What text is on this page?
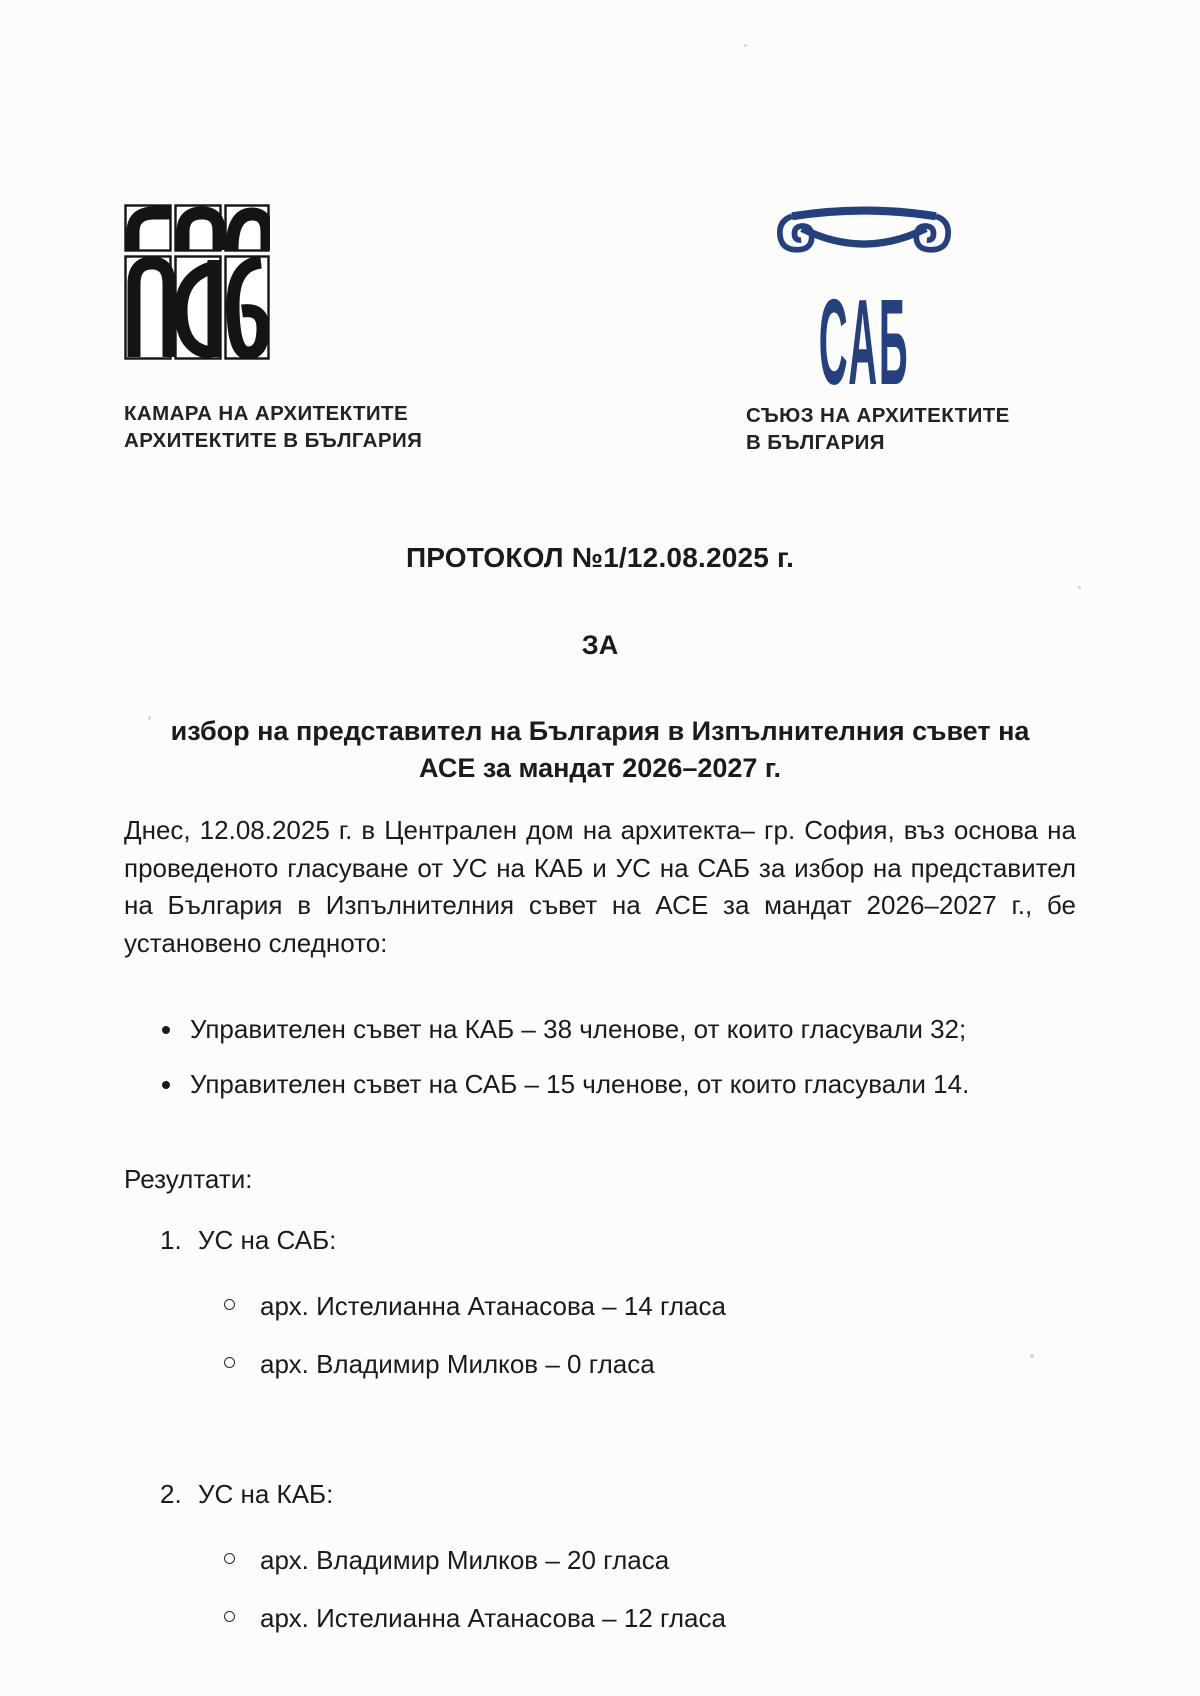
КАМАРА НА АРХИТЕКТИТЕ
АРХИТЕКТИТЕ В БЪЛГАРИЯ
САБ
СЪЮЗ НА АРХИТЕКТИТЕ
В БЪЛГАРИЯ
ПРОТОКОЛ №1/12.08.2025 г.
ЗА
избор на представител на България в Изпълнителния съвет на АСЕ за мандат 2026–2027 г.

Днес, 12.08.2025 г. в Централен дом на архитекта– гр. София, въз основа на проведеното гласуване от УС на КАБ и УС на САБ за избор на представител на България в Изпълнителния съвет на АСЕ за мандат 2026–2027 г., бе установено следното:

Управителен съвет на КАБ – 38 членове, от които гласували 32;
Управителен съвет на САБ – 15 членове, от които гласували 14.

Резултати:

1. УС на САБ:
арх. Истелианна Атанасова – 14 гласа
арх. Владимир Милков – 0 гласа
2. УС на КАБ:
арх. Владимир Милков – 20 гласа
арх. Истелианна Атанасова – 12 гласа
